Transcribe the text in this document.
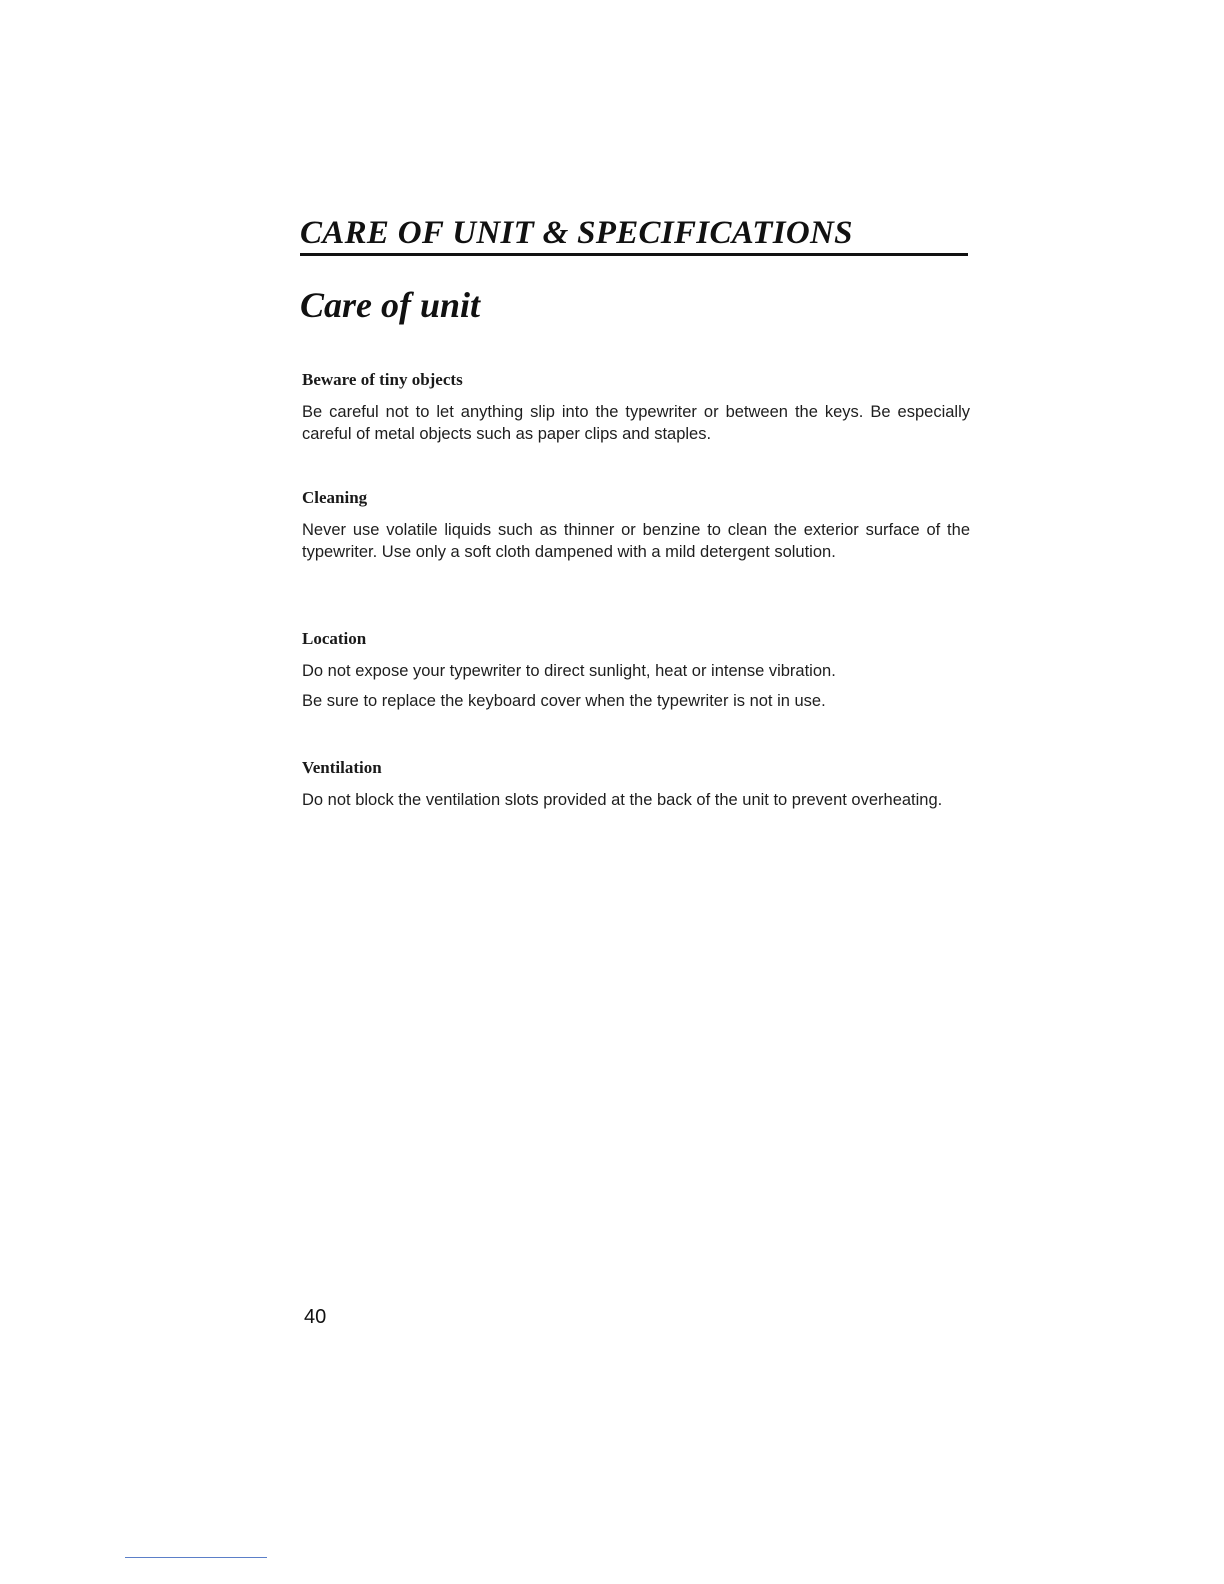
CARE OF UNIT & SPECIFICATIONS
Care of unit
Beware of tiny objects

Be careful not to let anything slip into the typewriter or between the keys. Be especially careful of metal objects such as paper clips and staples.

Cleaning

Never use volatile liquids such as thinner or benzine to clean the exterior surface of the typewriter. Use only a soft cloth dampened with a mild detergent solution.

Location

Do not expose your typewriter to direct sunlight, heat or intense vibration.

Be sure to replace the keyboard cover when the typewriter is not in use.

Ventilation

Do not block the ventilation slots provided at the back of the unit to prevent overheating.

40
